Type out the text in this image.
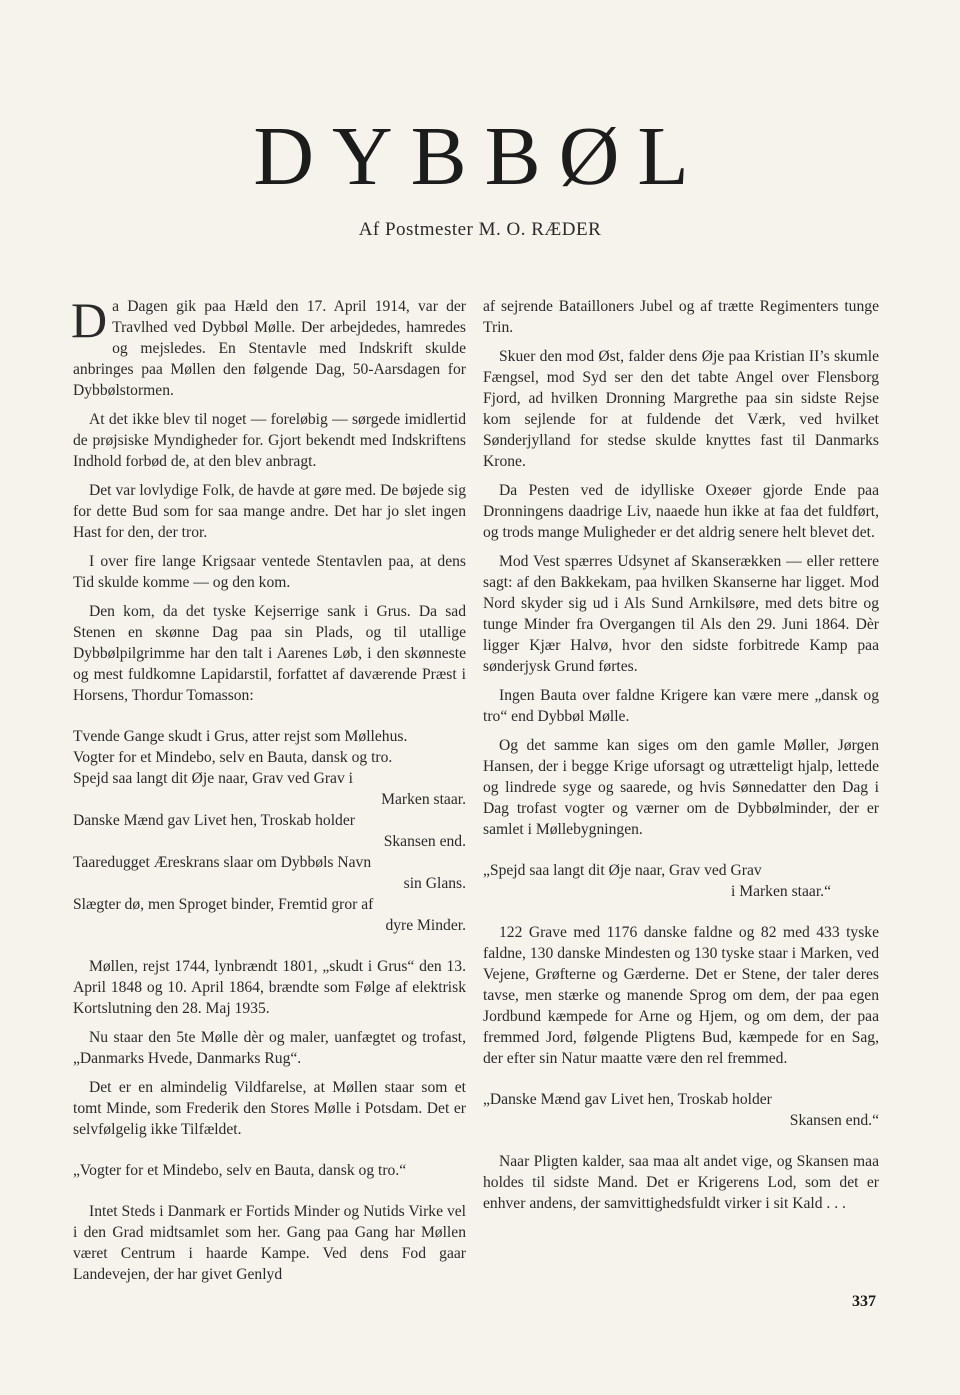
DYBBØL
Af Postmester M. O. RÆDER

Da Dagen gik paa Hæld den 17. April 1914, var der Travlhed ved Dybbøl Mølle. Der arbejdedes, hamredes og mejsledes. En Stentavle med Indskrift skulde anbringes paa Møllen den følgende Dag, 50-Aarsdagen for Dybbølstormen.

At det ikke blev til noget — foreløbig — sørgede imidlertid de prøjsiske Myndigheder for. Gjort bekendt med Indskriftens Indhold forbød de, at den blev anbragt.

Det var lovlydige Folk, de havde at gøre med. De bøjede sig for dette Bud som for saa mange andre. Det har jo slet ingen Hast for den, der tror.

I over fire lange Krigsaar ventede Stentavlen paa, at dens Tid skulde komme — og den kom.

Den kom, da det tyske Kejserrige sank i Grus. Da sad Stenen en skønne Dag paa sin Plads, og til utallige Dybbølpilgrimme har den talt i Aarenes Løb, i den skønneste og mest fuldkomne Lapidarstil, forfattet af daværende Præst i Horsens, Thordur Tomasson:

Tvende Gange skudt i Grus, atter rejst som Møllehus.
Vogter for et Mindebo, selv en Bauta, dansk og tro.
Spejd saa langt dit Øje naar, Grav ved Grav i
Marken staar.
Danske Mænd gav Livet hen, Troskab holder
Skansen end.
Taaredugget Æreskrans slaar om Dybbøls Navn
sin Glans.
Slægter dø, men Sproget binder, Fremtid gror af
dyre Minder.

Møllen, rejst 1744, lynbrændt 1801, „skudt i Grus“ den 13. April 1848 og 10. April 1864, brændte som Følge af elektrisk Kortslutning den 28. Maj 1935.

Nu staar den 5te Mølle dèr og maler, uanfægtet og trofast, „Danmarks Hvede, Danmarks Rug“.

Det er en almindelig Vildfarelse, at Møllen staar som et tomt Minde, som Frederik den Stores Mølle i Potsdam. Det er selvfølgelig ikke Tilfældet.

„Vogter for et Mindebo, selv en Bauta, dansk og tro.“

Intet Steds i Danmark er Fortids Minder og Nutids Virke vel i den Grad midtsamlet som her. Gang paa Gang har Møllen været Centrum i haarde Kampe. Ved dens Fod gaar Landevejen, der har givet Genlyd

af sejrende Batailloners Jubel og af trætte Regimenters tunge Trin.

Skuer den mod Øst, falder dens Øje paa Kristian II’s skumle Fængsel, mod Syd ser den det tabte Angel over Flensborg Fjord, ad hvilken Dronning Margrethe paa sin sidste Rejse kom sejlende for at fuldende det Værk, ved hvilket Sønderjylland for stedse skulde knyttes fast til Danmarks Krone.

Da Pesten ved de idylliske Oxeøer gjorde Ende paa Dronningens daadrige Liv, naaede hun ikke at faa det fuldført, og trods mange Muligheder er det aldrig senere helt blevet det.

Mod Vest spærres Udsynet af Skanserækken — eller rettere sagt: af den Bakkekam, paa hvilken Skanserne har ligget. Mod Nord skyder sig ud i Als Sund Arnkilsøre, med dets bitre og tunge Minder fra Overgangen til Als den 29. Juni 1864. Dèr ligger Kjær Halvø, hvor den sidste forbitrede Kamp paa sønderjysk Grund førtes.

Ingen Bauta over faldne Krigere kan være mere „dansk og tro“ end Dybbøl Mølle.

Og det samme kan siges om den gamle Møller, Jørgen Hansen, der i begge Krige uforsagt og utrætteligt hjalp, lettede og lindrede syge og saarede, og hvis Sønnedatter den Dag i Dag trofast vogter og værner om de Dybbølminder, der er samlet i Møllebygningen.

„Spejd saa langt dit Øje naar, Grav ved Grav
i Marken staar.“

122 Grave med 1176 danske faldne og 82 med 433 tyske faldne, 130 danske Mindesten og 130 tyske staar i Marken, ved Vejene, Grøfterne og Gærderne. Det er Stene, der taler deres tavse, men stærke og manende Sprog om dem, der paa egen Jordbund kæmpede for Arne og Hjem, og om dem, der paa fremmed Jord, følgende Pligtens Bud, kæmpede for en Sag, der efter sin Natur maatte være den rel fremmed.

„Danske Mænd gav Livet hen, Troskab holder
Skansen end.“

Naar Pligten kalder, saa maa alt andet vige, og Skansen maa holdes til sidste Mand. Det er Krigerens Lod, som det er enhver andens, der samvittighedsfuldt virker i sit Kald . . .

337
